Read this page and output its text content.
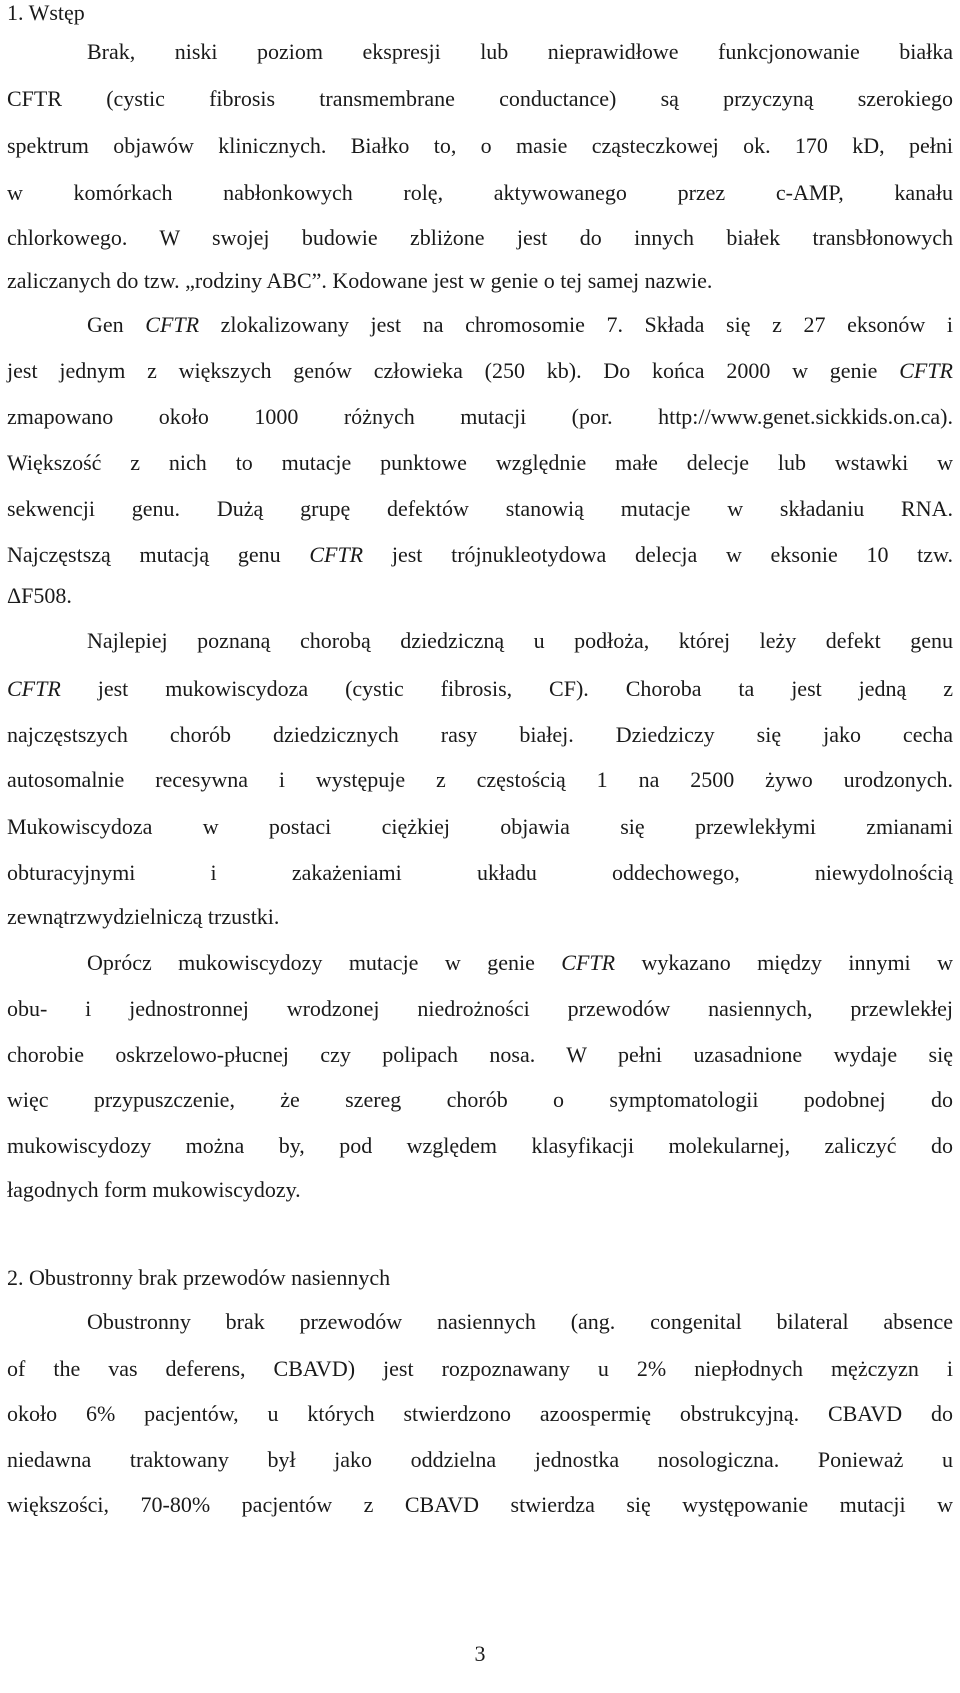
1. Wstęp
Brak, niski poziom ekspresji lub nieprawidłowe funkcjonowanie białka
CFTR (cystic fibrosis transmembrane conductance) są przyczyną szerokiego
spektrum objawów klinicznych. Białko to, o masie cząsteczkowej ok. 170 kD, pełni
w komórkach nabłonkowych rolę, aktywowanego przez c-AMP, kanału
chlorkowego. W swojej budowie zbliżone jest do innych białek transbłonowych
zaliczanych do tzw. „rodziny ABC”. Kodowane jest w genie o tej samej nazwie.
Gen CFTR zlokalizowany jest na chromosomie 7. Składa się z 27 eksonów i
jest jednym z większych genów człowieka (250 kb). Do końca 2000 w genie CFTR
zmapowano około 1000 różnych mutacji (por. http://www.genet.sickkids.on.ca).
Większość z nich to mutacje punktowe względnie małe delecje lub wstawki w
sekwencji genu. Dużą grupę defektów stanowią mutacje w składaniu RNA.
Najczęstszą mutacją genu CFTR jest trójnukleotydowa delecja w eksonie 10 tzw.
ΔF508.
Najlepiej poznaną chorobą dziedziczną u podłoża, której leży defekt genu
CFTR jest mukowiscydoza (cystic fibrosis, CF). Choroba ta jest jedną z
najczęstszych chorób dziedzicznych rasy białej. Dziedziczy się jako cecha
autosomalnie recesywna i występuje z częstością 1 na 2500 żywo urodzonych.
Mukowiscydoza w postaci ciężkiej objawia się przewlekłymi zmianami
obturacyjnymi i zakażeniami układu oddechowego, niewydolnością
zewnątrzwydzielniczą trzustki.
Oprócz mukowiscydozy mutacje w genie CFTR wykazano między innymi w
obu- i jednostronnej wrodzonej niedrożności przewodów nasiennych, przewlekłej
chorobie oskrzelowo-płucnej czy polipach nosa. W pełni uzasadnione wydaje się
więc przypuszczenie, że szereg chorób o symptomatologii podobnej do
mukowiscydozy można by, pod względem klasyfikacji molekularnej, zaliczyć do
łagodnych form mukowiscydozy.
2. Obustronny brak przewodów nasiennych
Obustronny brak przewodów nasiennych (ang. congenital bilateral absence
of the vas deferens, CBAVD) jest rozpoznawany u 2% niepłodnych mężczyzn i
około 6% pacjentów, u których stwierdzono azoospermię obstrukcyjną. CBAVD do
niedawna traktowany był jako oddzielna jednostka nosologiczna. Ponieważ u
większości, 70-80% pacjentów z CBAVD stwierdza się występowanie mutacji w
3
